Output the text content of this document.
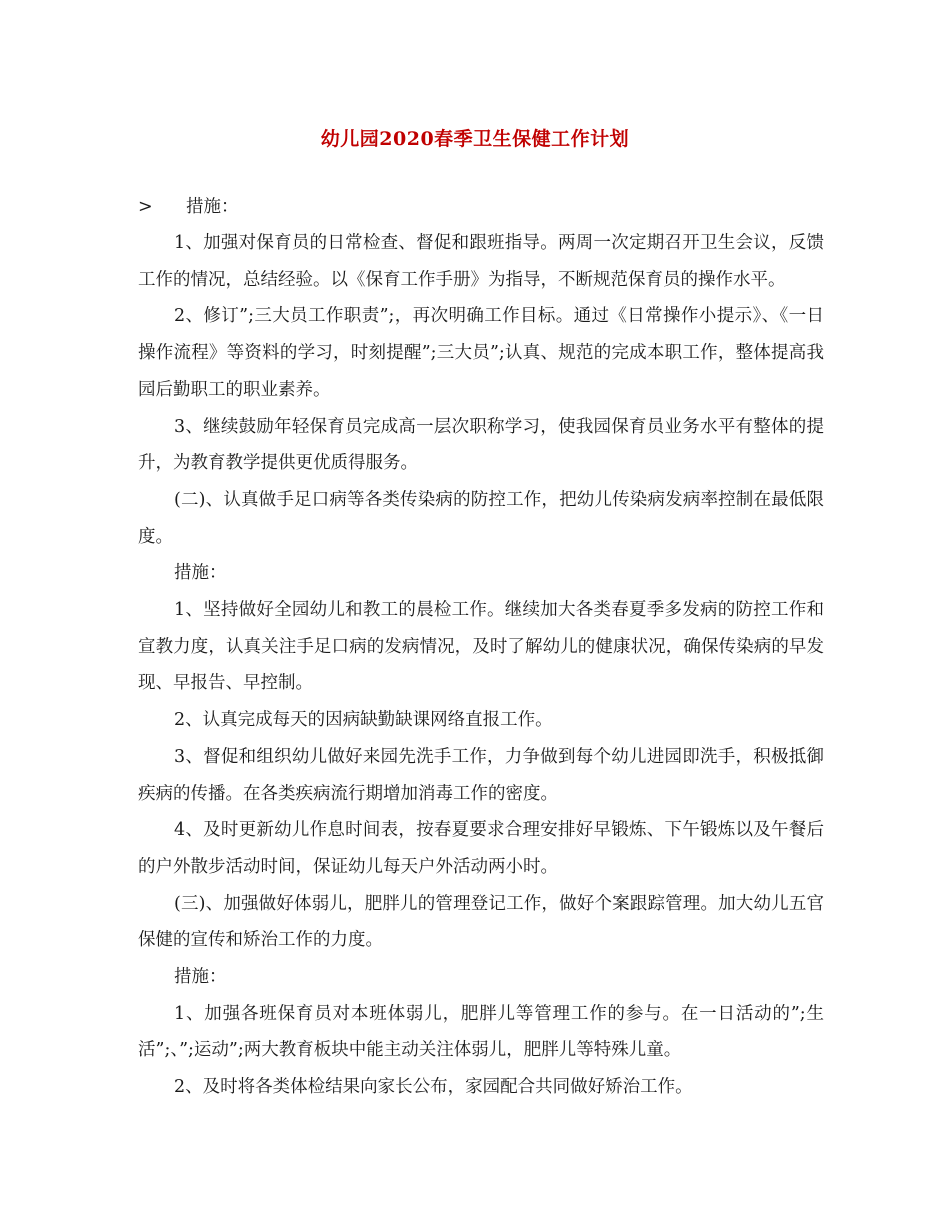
幼儿园2020春季卫生保健工作计划
> 措施：

1、加强对保育员的日常检查、督促和跟班指导。两周一次定期召开卫生会议，反馈工作的情况，总结经验。以《保育工作手册》为指导，不断规范保育员的操作水平。

2、修订”;三大员工作职责”;，再次明确工作目标。通过《日常操作小提示》、《一日操作流程》等资料的学习，时刻提醒”;三大员”;认真、规范的完成本职工作，整体提高我园后勤职工的职业素养。

3、继续鼓励年轻保育员完成高一层次职称学习，使我园保育员业务水平有整体的提升，为教育教学提供更优质得服务。

(二)、认真做手足口病等各类传染病的防控工作，把幼儿传染病发病率控制在最低限度。

措施：

1、坚持做好全园幼儿和教工的晨检工作。继续加大各类春夏季多发病的防控工作和宣教力度，认真关注手足口病的发病情况，及时了解幼儿的健康状况，确保传染病的早发现、早报告、早控制。

2、认真完成每天的因病缺勤缺课网络直报工作。

3、督促和组织幼儿做好来园先洗手工作，力争做到每个幼儿进园即洗手，积极抵御疾病的传播。在各类疾病流行期增加消毒工作的密度。

4、及时更新幼儿作息时间表，按春夏要求合理安排好早锻炼、下午锻炼以及午餐后的户外散步活动时间，保证幼儿每天户外活动两小时。

(三)、加强做好体弱儿，肥胖儿的管理登记工作，做好个案跟踪管理。加大幼儿五官保健的宣传和矫治工作的力度。

措施：

1、加强各班保育员对本班体弱儿，肥胖儿等管理工作的参与。在一日活动的”;生活”;、”;运动”;两大教育板块中能主动关注体弱儿，肥胖儿等特殊儿童。

2、及时将各类体检结果向家长公布，家园配合共同做好矫治工作。
